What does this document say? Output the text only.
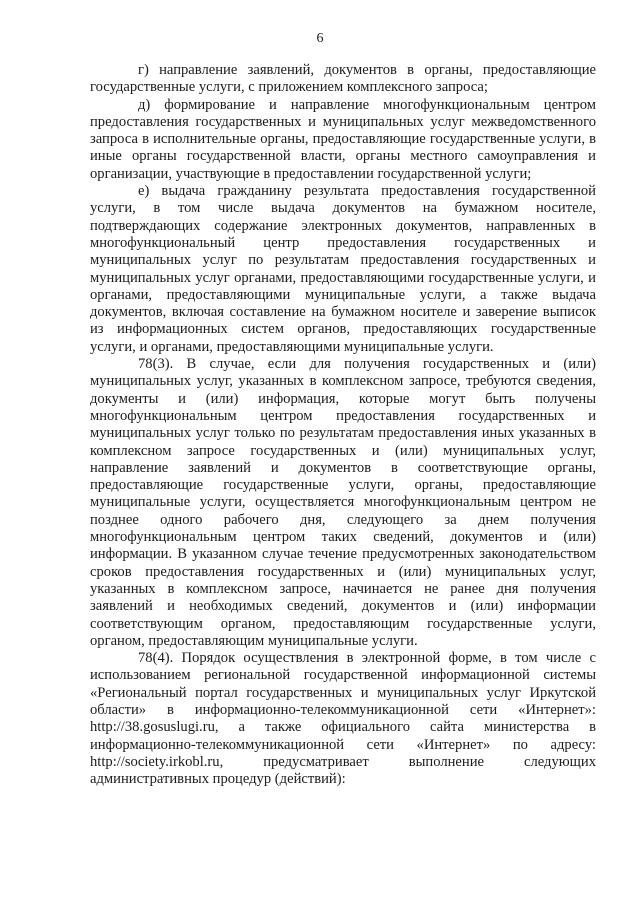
6

г) направление заявлений, документов в органы, предоставляющие государственные услуги, с приложением комплексного запроса;

д) формирование и направление многофункциональным центром предоставления государственных и муниципальных услуг межведомственного запроса в исполнительные органы, предоставляющие государственные услуги, в иные органы государственной власти, органы местного самоуправления и организации, участвующие в предоставлении государственной услуги;

е) выдача гражданину результата предоставления государственной услуги, в том числе выдача документов на бумажном носителе, подтверждающих содержание электронных документов, направленных в многофункциональный центр предоставления государственных и муниципальных услуг по результатам предоставления государственных и муниципальных услуг органами, предоставляющими государственные услуги, и органами, предоставляющими муниципальные услуги, а также выдача документов, включая составление на бумажном носителе и заверение выписок из информационных систем органов, предоставляющих государственные услуги, и органами, предоставляющими муниципальные услуги.

78(3). В случае, если для получения государственных и (или) муниципальных услуг, указанных в комплексном запросе, требуются сведения, документы и (или) информация, которые могут быть получены многофункциональным центром предоставления государственных и муниципальных услуг только по результатам предоставления иных указанных в комплексном запросе государственных и (или) муниципальных услуг, направление заявлений и документов в соответствующие органы, предоставляющие государственные услуги, органы, предоставляющие муниципальные услуги, осуществляется многофункциональным центром не позднее одного рабочего дня, следующего за днем получения многофункциональным центром таких сведений, документов и (или) информации. В указанном случае течение предусмотренных законодательством сроков предоставления государственных и (или) муниципальных услуг, указанных в комплексном запросе, начинается не ранее дня получения заявлений и необходимых сведений, документов и (или) информации соответствующим органом, предоставляющим государственные услуги, органом, предоставляющим муниципальные услуги.

78(4). Порядок осуществления в электронной форме, в том числе с использованием региональной государственной информационной системы «Региональный портал государственных и муниципальных услуг Иркутской области» в информационно-телекоммуникационной сети «Интернет»: http://38.gosuslugi.ru, а также официального сайта министерства в информационно-телекоммуникационной сети «Интернет» по адресу: http://society.irkobl.ru, предусматривает выполнение следующих административных процедур (действий):
